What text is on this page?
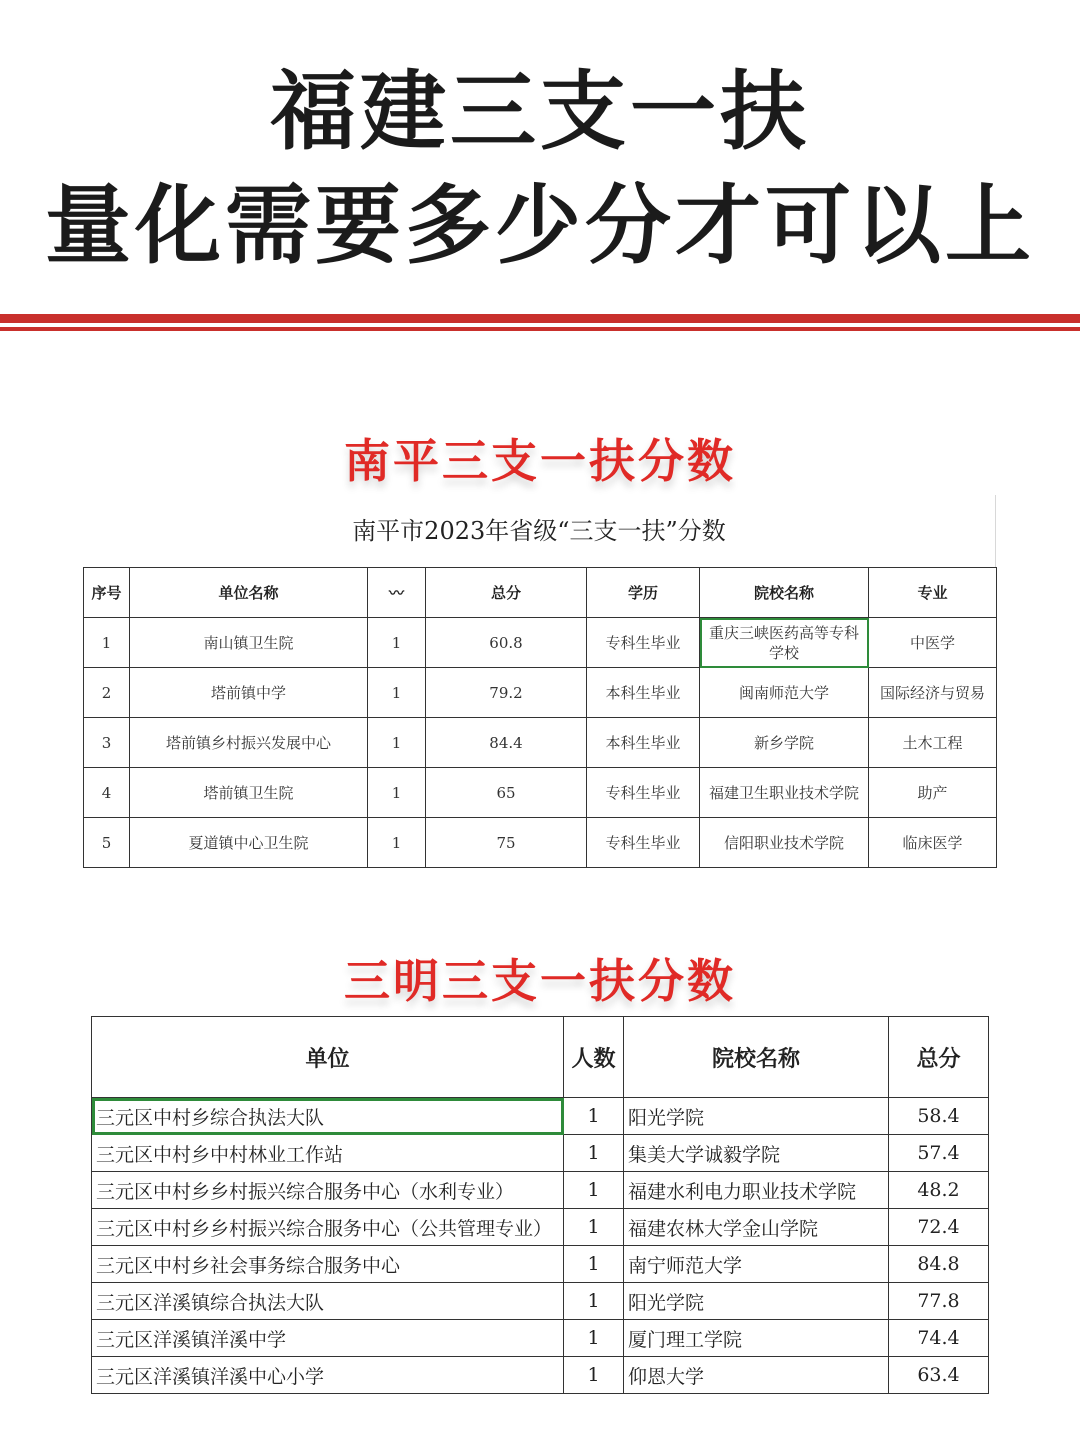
福建三支一扶
量化需要多少分才可以上
南平三支一扶分数
南平市2023年省级“三支一扶”分数
序号	单位名称	〰	总分	学历	院校名称	专业
1	南山镇卫生院	1	60.8	专科生毕业	重庆三峡医药高等专科学校	中医学
2	塔前镇中学	1	79.2	本科生毕业	闽南师范大学	国际经济与贸易
3	塔前镇乡村振兴发展中心	1	84.4	本科生毕业	新乡学院	土木工程
4	塔前镇卫生院	1	65	专科生毕业	福建卫生职业技术学院	助产
5	夏道镇中心卫生院	1	75	专科生毕业	信阳职业技术学院	临床医学
三明三支一扶分数
单位	人数	院校名称	总分
三元区中村乡综合执法大队	1	阳光学院	58.4
三元区中村乡中村林业工作站	1	集美大学诚毅学院	57.4
三元区中村乡乡村振兴综合服务中心（水利专业）	1	福建水利电力职业技术学院	48.2
三元区中村乡乡村振兴综合服务中心（公共管理专业）	1	福建农林大学金山学院	72.4
三元区中村乡社会事务综合服务中心	1	南宁师范大学	84.8
三元区洋溪镇综合执法大队	1	阳光学院	77.8
三元区洋溪镇洋溪中学	1	厦门理工学院	74.4
三元区洋溪镇洋溪中心小学	1	仰恩大学	63.4
